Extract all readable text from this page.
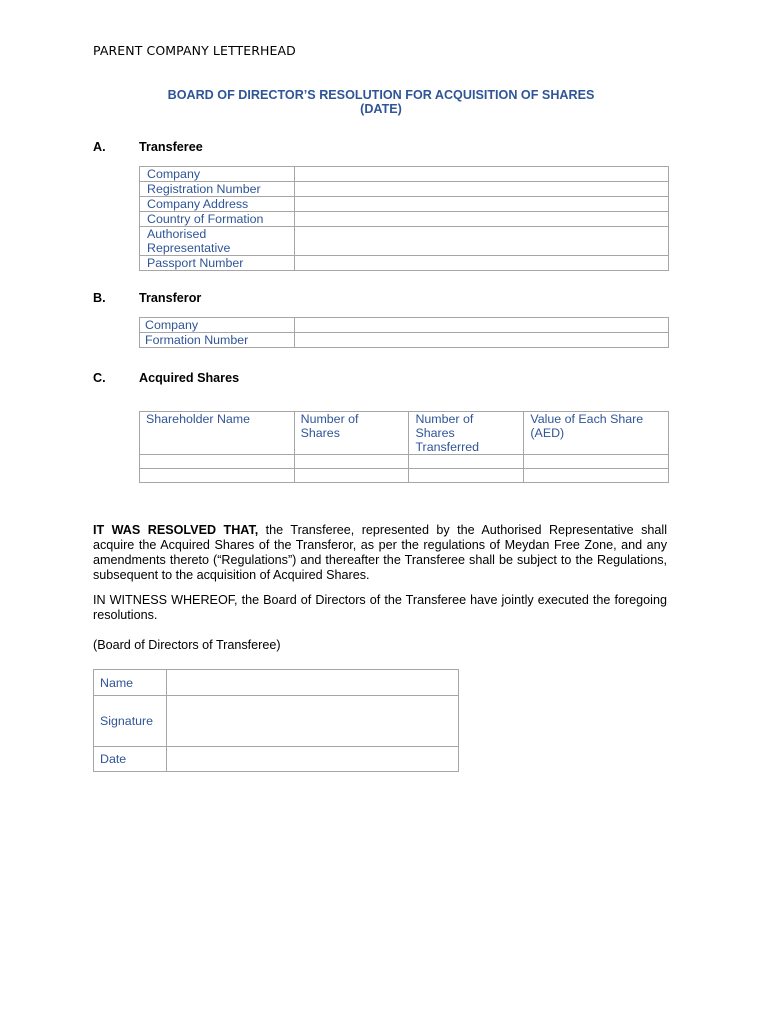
PARENT COMPANY LETTERHEAD
BOARD OF DIRECTOR’S RESOLUTION FOR ACQUISITION OF SHARES
(DATE)
A.	Transferee
Company	
Registration Number	
Company Address	
Country of Formation	
Authorised Representative	
Passport Number	
B.	Transferor
Company	
Formation Number	
C.	Acquired Shares
Shareholder Name	Number of Shares	Number of Shares Transferred	Value of Each Share (AED)

IT WAS RESOLVED THAT, the Transferee, represented by the Authorised Representative shall acquire the Acquired Shares of the Transferor, as per the regulations of Meydan Free Zone, and any amendments thereto (“Regulations”) and thereafter the Transferee shall be subject to the Regulations, subsequent to the acquisition of Acquired Shares.
IN WITNESS WHEREOF, the Board of Directors of the Transferee have jointly executed the foregoing resolutions.
(Board of Directors of Transferee)
Name	
Signature	
Date	
